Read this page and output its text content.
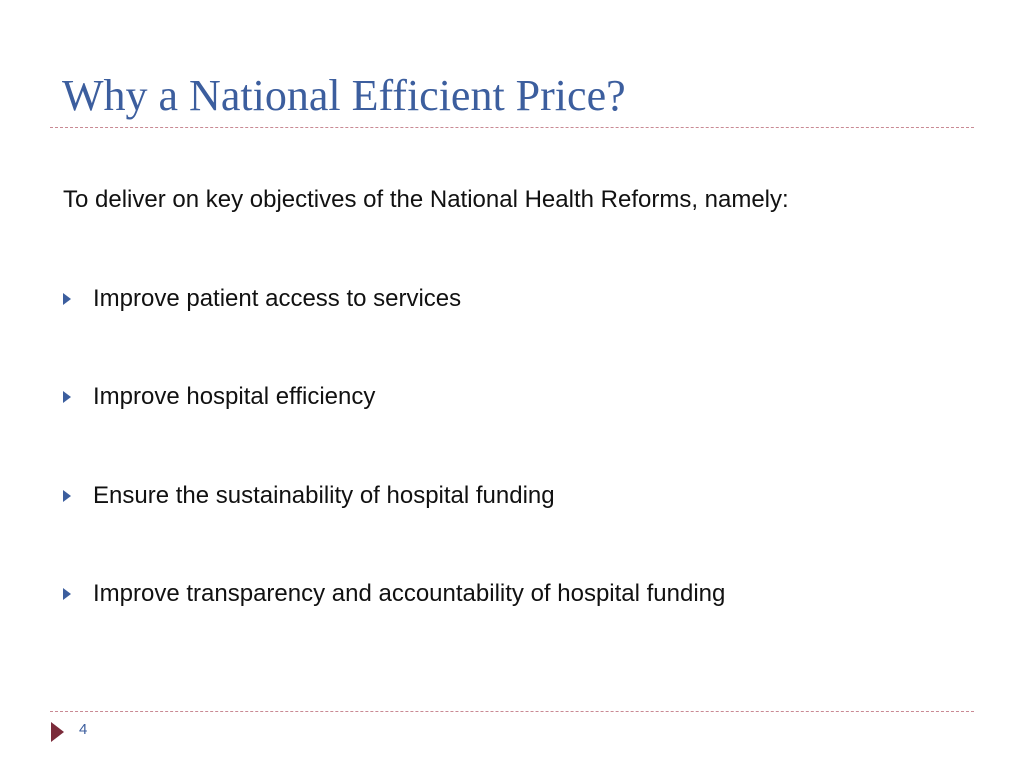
Why a National Efficient Price?
To deliver on key objectives of the National Health Reforms, namely:
Improve patient access to services
Improve hospital efficiency
Ensure the sustainability of hospital funding
Improve transparency and accountability of hospital funding
4
